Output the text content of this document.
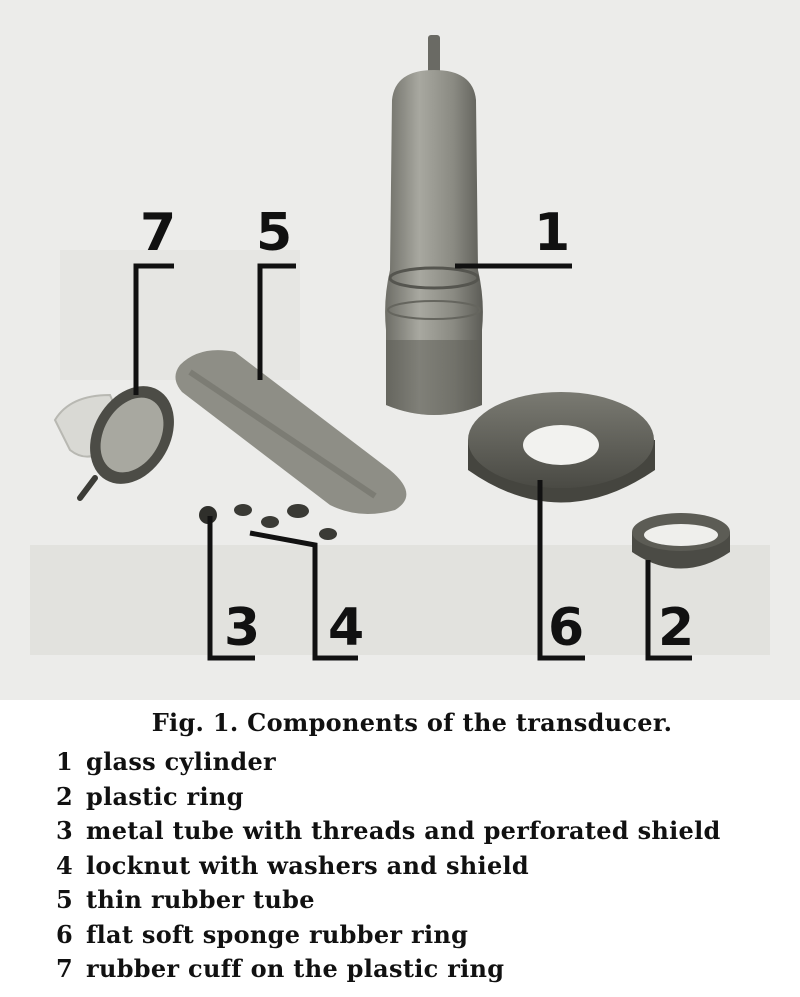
7 5	1
3 4	6 2

Fig. 1. Components of the transducer.

1 glass cylinder
2 plastic ring
3 metal tube with threads and perforated shield
4 locknut with washers and shield
5 thin rubber tube
6 flat soft sponge rubber ring
7 rubber cuff on the plastic ring
